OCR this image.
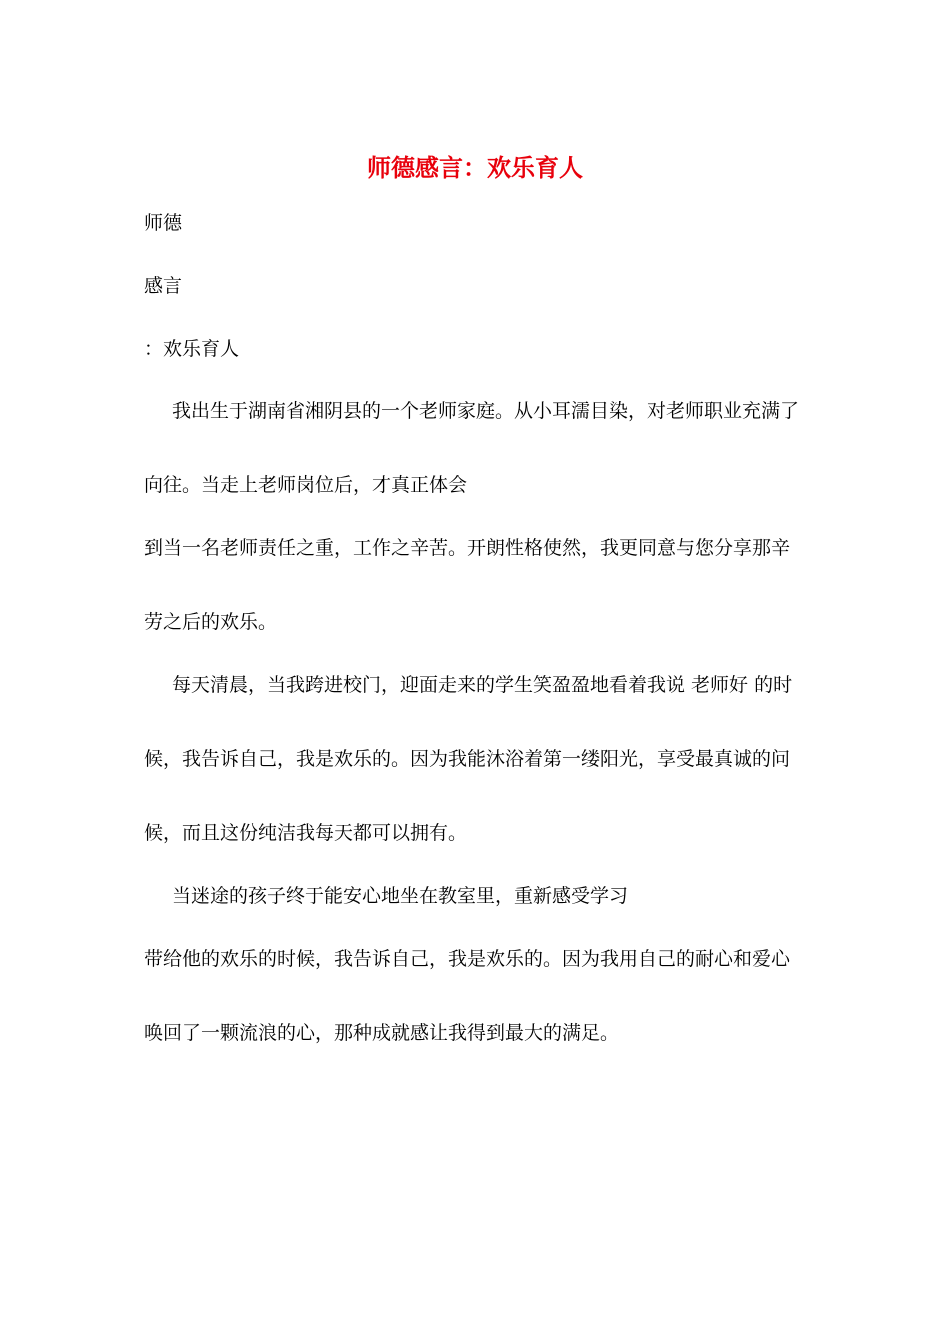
师德感言：欢乐育人
师德
感言
：欢乐育人
我出生于湖南省湘阴县的一个老师家庭。从小耳濡目染，对老师职业充满了
向往。当走上老师岗位后，才真正体会
到当一名老师责任之重，工作之辛苦。开朗性格使然，我更同意与您分享那辛
劳之后的欢乐。
每天清晨，当我跨进校门，迎面走来的学生笑盈盈地看着我说 老师好 的时
候，我告诉自己，我是欢乐的。因为我能沐浴着第一缕阳光，享受最真诚的问
候，而且这份纯洁我每天都可以拥有。
当迷途的孩子终于能安心地坐在教室里，重新感受学习
带给他的欢乐的时候，我告诉自己，我是欢乐的。因为我用自己的耐心和爱心
唤回了一颗流浪的心，那种成就感让我得到最大的满足。
